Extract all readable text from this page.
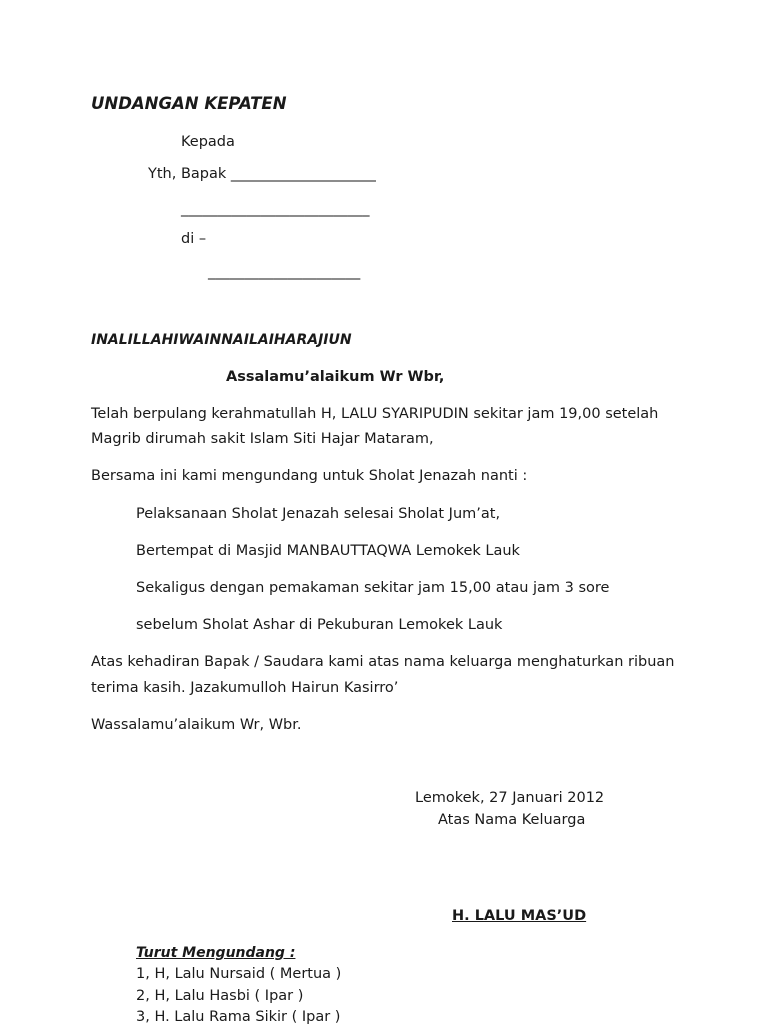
UNDANGAN KEPATEN
Kepada
Yth, Bapak ____________________
__________________________
di –
_____________________
INALILLAHIWAINNAILAIHARAJIUN
Assalamu’alaikum Wr Wbr,
Telah berpulang kerahmatullah H, LALU SYARIPUDIN sekitar jam 19,00 setelah
Magrib dirumah sakit Islam Siti Hajar Mataram,
Bersama ini kami mengundang untuk Sholat Jenazah nanti :
Pelaksanaan Sholat Jenazah selesai Sholat Jum’at,
Bertempat di Masjid MANBAUTTAQWA Lemokek Lauk
Sekaligus dengan pemakaman sekitar jam 15,00 atau jam 3 sore
sebelum Sholat Ashar di Pekuburan Lemokek Lauk
Atas kehadiran Bapak / Saudara kami atas nama keluarga menghaturkan ribuan
terima kasih. Jazakumulloh Hairun Kasirro’
Wassalamu’alaikum Wr, Wbr.
Lemokek, 27 Januari 2012
Atas Nama Keluarga
H. LALU MAS’UD
Turut Mengundang :
1, H, Lalu Nursaid ( Mertua )
2, H, Lalu Hasbi ( Ipar )
3, H. Lalu Rama Sikir ( Ipar )
